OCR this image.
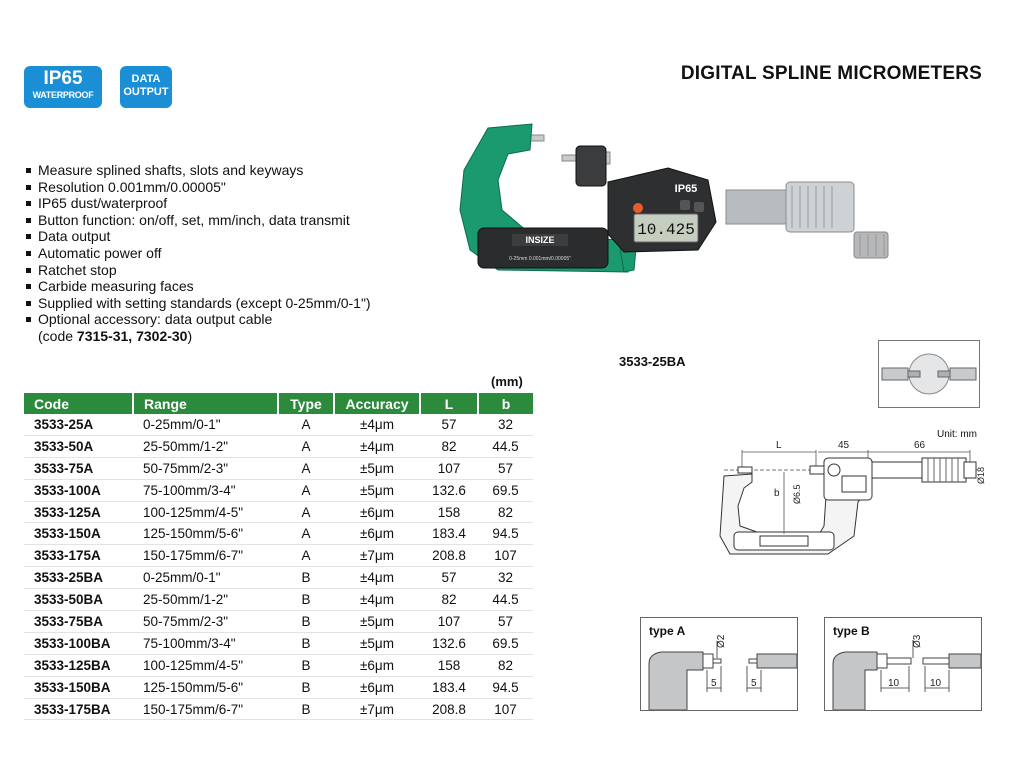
IP65
WATERPROOF
DATA
OUTPUT
DIGITAL SPLINE MICROMETERS
Measure splined shafts, slots and keyways
Resolution 0.001mm/0.00005"
IP65 dust/waterproof
Button function: on/off, set, mm/inch, data transmit
Data output
Automatic power off
Ratchet stop
Carbide measuring faces
Supplied with setting standards (except 0-25mm/0-1")
Optional accessory: data output cable
(code 7315-31, 7302-30)
INSIZE
0-25mm 0.001mm/0.00005"
IP65
10.425
(mm)
Code	Range	Type	Accuracy	L	b
3533-25A	0-25mm/0-1"	A	±4μm	57	32
3533-50A	25-50mm/1-2"	A	±4μm	82	44.5
3533-75A	50-75mm/2-3"	A	±5μm	107	57
3533-100A	75-100mm/3-4"	A	±5μm	132.6	69.5
3533-125A	100-125mm/4-5"	A	±6μm	158	82
3533-150A	125-150mm/5-6"	A	±6μm	183.4	94.5
3533-175A	150-175mm/6-7"	A	±7μm	208.8	107
3533-25BA	0-25mm/0-1"	B	±4μm	57	32
3533-50BA	25-50mm/1-2"	B	±4μm	82	44.5
3533-75BA	50-75mm/2-3"	B	±5μm	107	57
3533-100BA	75-100mm/3-4"	B	±5μm	132.6	69.5
3533-125BA	100-125mm/4-5"	B	±6μm	158	82
3533-150BA	125-150mm/5-6"	B	±6μm	183.4	94.5
3533-175BA	150-175mm/6-7"	B	±7μm	208.8	107
3533-25BA
Unit: mm
L	45	66
b Ø6.5
Ø18
type A
Ø2
5	5
type B
Ø3
10	10
